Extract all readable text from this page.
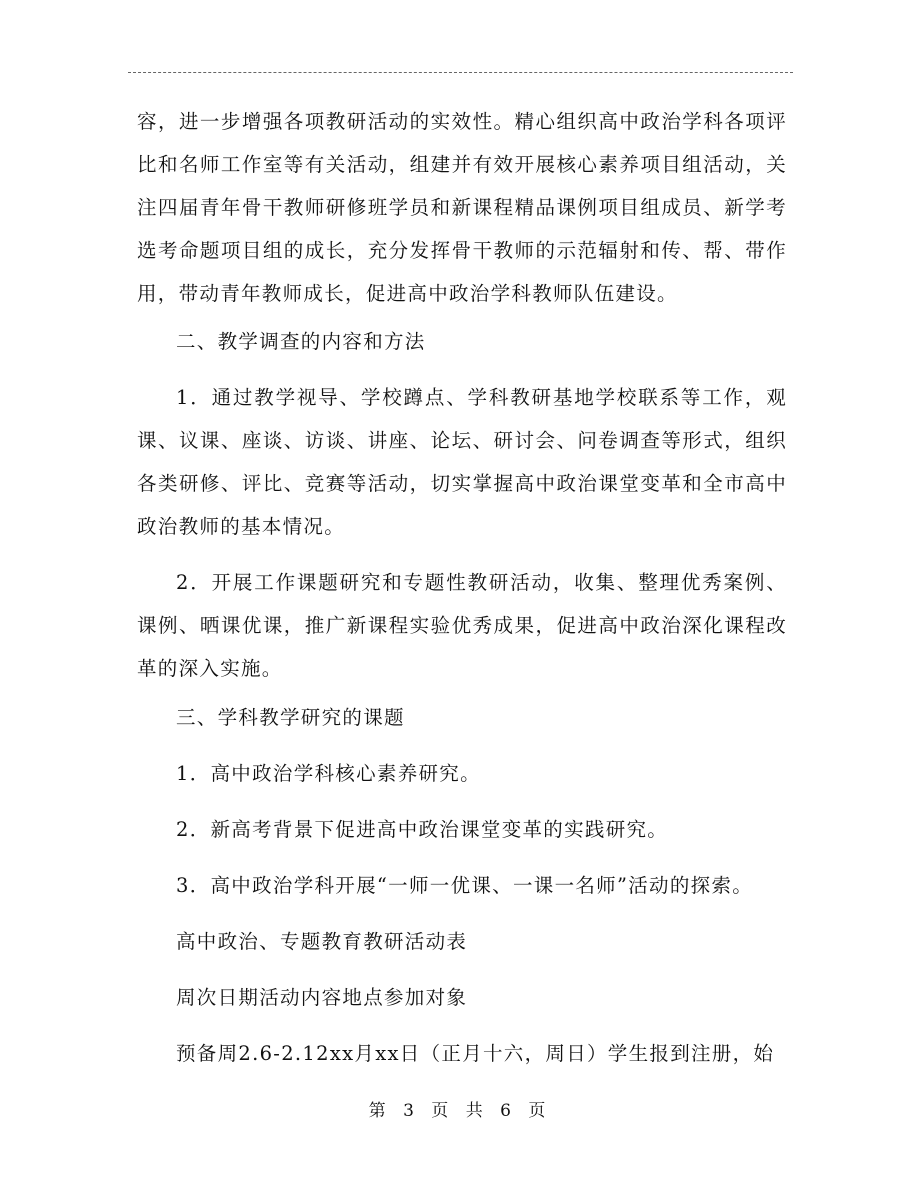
容，进一步增强各项教研活动的实效性。精心组织高中政治学科各项评比和名师工作室等有关活动，组建并有效开展核心素养项目组活动，关注四届青年骨干教师研修班学员和新课程精品课例项目组成员、新学考选考命题项目组的成长，充分发挥骨干教师的示范辐射和传、帮、带作用，带动青年教师成长，促进高中政治学科教师队伍建设。
二、教学调查的内容和方法
1．通过教学视导、学校蹲点、学科教研基地学校联系等工作，观课、议课、座谈、访谈、讲座、论坛、研讨会、问卷调查等形式，组织各类研修、评比、竞赛等活动，切实掌握高中政治课堂变革和全市高中政治教师的基本情况。
2．开展工作课题研究和专题性教研活动，收集、整理优秀案例、课例、晒课优课，推广新课程实验优秀成果，促进高中政治深化课程改革的深入实施。
三、学科教学研究的课题
1．高中政治学科核心素养研究。
2．新高考背景下促进高中政治课堂变革的实践研究。
3．高中政治学科开展“一师一优课、一课一名师”活动的探索。
高中政治、专题教育教研活动表
周次日期活动内容地点参加对象
预备周2.6-2.12xx月xx日（正月十六，周日）学生报到注册，始
第 3 页 共 6 页
